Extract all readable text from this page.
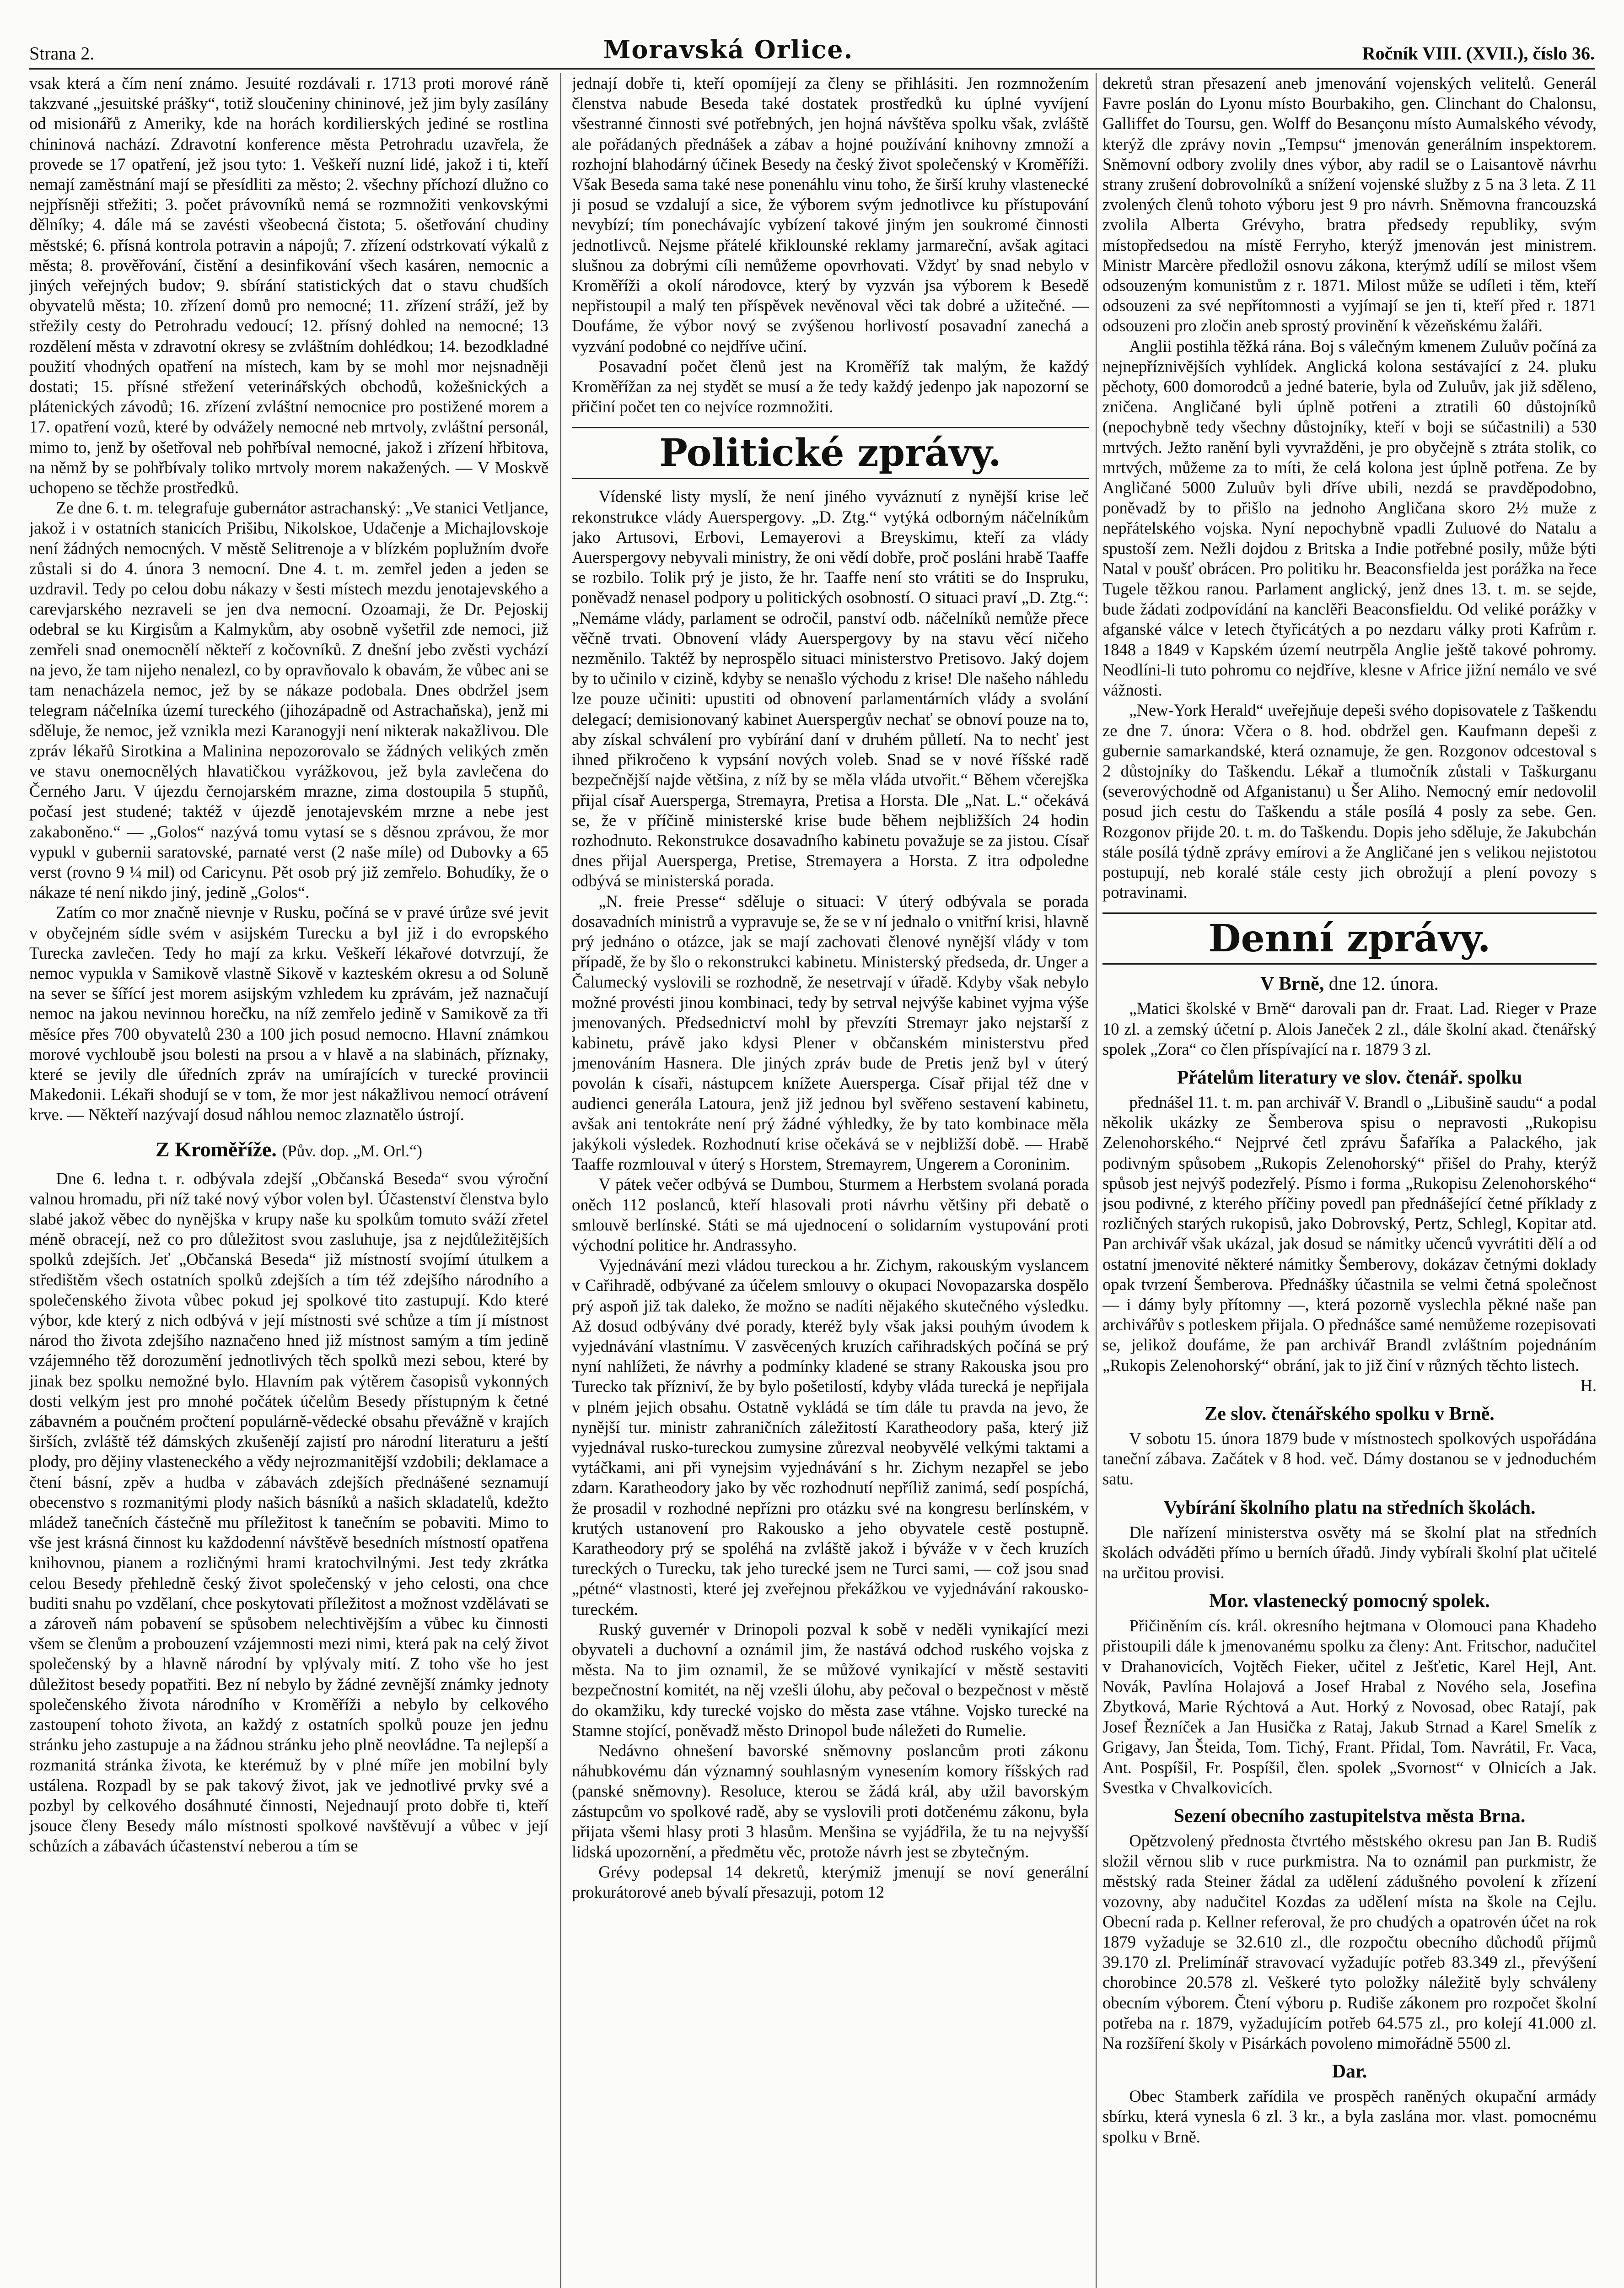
Strana 2.	Moravská Orlice.	Ročník VIII. (XVII.), číslo 36.

vsak která a čím není známo. Jesuité rozdávali r. 1713 proti morové ráně takzvané „jesuitské prášky“, totiž sloučeniny chininové, jež jim byly zasílány od misionářů z Ameriky, kde na horách kordilierských jediné se rostlina chininová nachází. Zdravotní konference města Petrohradu uzavřela, že provede se 17 opatření, jež jsou tyto: 1. Veškeří nuzní lidé, jakož i ti, kteří nemají zaměstnání mají se přesídliti za město; 2. všechny příchozí dlužno co nejpřísněji střežiti; 3. počet právovníků nemá se rozmnožiti venkovskými dělníky; 4. dále má se zavésti všeobecná čistota; 5. ošetřování chudiny městské; 6. přísná kontrola potravin a nápojů; 7. zřízení odstrkovatí výkalů z města; 8. prověřování, čistění a desinfikování všech kasáren, nemocnic a jiných veřejných budov; 9. sbírání statistických dat o stavu chudších obyvatelů města; 10. zřízení domů pro nemocné; 11. zřízení stráží, jež by střežily cesty do Petrohradu vedoucí; 12. přísný dohled na nemocné; 13 rozdělení města v zdravotní okresy se zvláštním dohlédkou; 14. bezodkladné použití vhodných opatření na místech, kam by se mohl mor nejsnadněji dostati; 15. přísné střežení veterinářských obchodů, kožešnických a plátenických závodů; 16. zřízení zvláštní nemocnice pro postižené morem a 17. opatření vozů, které by odvážely nemocné neb mrtvoly, zvláštní personál, mimo to, jenž by ošetřoval neb pohřbíval nemocné, jakož i zřízení hřbitova, na němž by se pohřbívaly toliko mrtvoly morem nakažených. — V Moskvě uchopeno se těchže prostředků.

Ze dne 6. t. m. telegrafuje gubernátor astrachanský: „Ve stanici Vetljance, jakož i v ostatních stanicích Prišibu, Nikolskoe, Udačenje a Michajlovskoje není žádných nemocných. V městě Selitrenoje a v blízkém poplužním dvoře zůstali si do 4. února 3 nemocní. Dne 4. t. m. zemřel jeden a jeden se uzdravil. Tedy po celou dobu nákazy v šesti místech mezdu jenotajevského a carevjarského nezraveli se jen dva nemocní. Ozoamaji, že Dr. Pejoskij odebral se ku Kirgisům a Kalmykům, aby osobně vyšetřil zde nemoci, již zemřeli snad onemocnělí někteří z kočovníků. Z dnešní jebo zvěsti vychází na jevo, že tam nijeho nenalezl, co by opravňovalo k obavám, že vůbec ani se tam nenacházela nemoc, jež by se nákaze podobala. Dnes obdržel jsem telegram náčelníka území tureckého (jihozápadně od Astrachaňska), jenž mi sděluje, že nemoc, jež vznikla mezi Karanogyji není nikterak nakažlivou. Dle zpráv lékařů Sirotkina a Malinina nepozorovalo se žádných velikých změn ve stavu onemocnělých hlavatičkou vyrážkovou, jež byla zavlečena do Černého Jaru. V újezdu černojarském mrazne, zima dostoupila 5 stupňů, počasí jest studené; taktéž v újezdě jenotajevském mrzne a nebe jest zakaboněno.“ — „Golos“ nazývá tomu vytasí se s děsnou zprávou, že mor vypukl v gubernii saratovské, parnaté verst (2 naše míle) od Dubovky a 65 verst (rovno 9 ¼ mil) od Caricynu. Pět osob prý již zemřelo. Bohudíky, že o nákaze té není nikdo jiný, jedině „Golos“.

Zatím co mor značně nievnje v Rusku, počíná se v pravé úrůze své jevit v obyčejném sídle svém v asijském Turecku a byl již i do evropského Turecka zavlečen. Tedy ho mají za krku. Veškeří lékařové dotvrzují, že nemoc vypukla v Samikově vlastně Sikově v kazteském okresu a od Soluně na sever se šířící jest morem asijským vzhledem ku zprávám, jež naznačují nemoc na jakou nevinnou horečku, na níž zemřelo jedině v Samikově za tři měsíce přes 700 obyvatelů 230 a 100 jich posud nemocno. Hlavní známkou morové vychloubě jsou bolesti na prsou a v hlavě a na slabinách, příznaky, které se jevily dle úředních zpráv na umírajících v turecké provincii Makedonii. Lékaři shodují se v tom, že mor jest nákažlivou nemocí otrávení krve. — Někteří nazývají dosud náhlou nemoc zlaznatělo ústrojí.

Z Kroměříže. (Pův. dop. „M. Orl.“)

Dne 6. ledna t. r. odbývala zdejší „Občanská Beseda“ svou výroční valnou hromadu, při níž také nový výbor volen byl. Účastenství členstva bylo slabé jakož věbec do nynějška v krupy naše ku spolkům tomuto sváží zřetel méně obracejí, než co pro důležitost svou zasluhuje, jsa z nejdůležitějších spolků zdejších. Jeť „Občanská Beseda“ již místností svojímí útulkem a středištěm všech ostatních spolků zdejších a tím též zdejšího národního a společenského života vůbec pokud jej spolkové tito zastupují. Kdo které výbor, kde který z nich odbývá v její místnosti své schůze a tím jí místnost národ tho života zdejšího naznačeno hned již místnost samým a tím jedině vzájemného těž dorozumění jednotlivých těch spolků mezi sebou, které by jinak bez spolku nemožné bylo. Hlavním pak výtěrem časopisů vykonných dosti velkým jest pro mnohé počátek účelům Besedy přístupným k četné zábavném a poučném pročtení populárně-vědecké obsahu převážně v krajích širších, zvláště též dámských zkušenějí zajistí pro národní literaturu a ještí plody, pro dějiny vlasteneckého a vědy nejrozmanitější vzdobili; deklamace a čtení básní, zpěv a hudba v zábavách zdejších přednášené seznamují obecenstvo s rozmanitými plody našich básníků a našich skladatelů, kdežto mládež tanečních částečně mu příležitost k tanečním se pobaviti. Mimo to vše jest krásná činnost ku každodenní návštěvě besedních místností opatřena knihovnou, pianem a rozličnými hrami kratochvilnými. Jest tedy zkrátka celou Besedy přehledně český život společenský v jeho celosti, ona chce buditi snahu po vzdělaní, chce poskytovati příležitost a možnost vzdělávati se a zároveň nám pobavení se spůsobem nelechtivějším a vůbec ku činnosti všem se členům a probouzení vzájemnosti mezi nimi, která pak na celý život společenský by a hlavně národní by vplývaly mití. Z toho vše ho jest důležitost besedy popatřiti. Bez ní nebylo by žádné zevnější známky jednoty společenského života národního v Kroměříži a nebylo by celkového zastoupení tohoto života, an každý z ostatních spolků pouze jen jednu stránku jeho zastupuje a na žádnou stránku jeho plně neovládne. Ta nejlepší a rozmanitá stránka života, ke kterémuž by v plné míře jen mobilní byly ustálena. Rozpadl by se pak takový život, jak ve jednotlivé prvky své a pozbyl by celkového dosáhnuté činnosti, Nejednaují proto dobře ti, kteří jsouce členy Besedy málo místnosti spolkové navštěvují a vůbec v její schůzích a zábavách účastenství neberou a tím se

jednají dobře ti, kteří opomíjejí za členy se přihlásiti. Jen rozmnožením členstva nabude Beseda také dostatek prostředků ku úplné vyvíjení všestranné činnosti své potřebných, jen hojná návštěva spolku však, zvláště ale pořádaných přednášek a zábav a hojné používání knihovny zmnoží a rozhojní blahodárný účinek Besedy na český život společenský v Kroměříži. Však Beseda sama také nese ponenáhlu vinu toho, že širší kruhy vlastenecké ji posud se vzdalují a sice, že výborem svým jednotlivce ku přístupování nevybízí; tím ponechávajíc vybízení takové jiným jen soukromé činnosti jednotlivců. Nejsme přátelé křiklounské reklamy jarmareční, avšak agitaci slušnou za dobrými cíli nemůžeme opovrhovati. Vždyť by snad nebylo v Kroměříži a okolí národovce, který by vyzván jsa výborem k Besedě nepřistoupil a malý ten příspěvek nevěnoval věci tak dobré a užitečné. — Doufáme, že výbor nový se zvýšenou horlivostí posavadní zanechá a vyzvání podobné co nejdříve učiní.

Posavadní počet členů jest na Kroměříž tak malým, že každý Kroměřížan za nej stydět se musí a že tedy každý jedenpo jak napozorní se přičiní počet ten co nejvíce rozmnožiti.

Politické zprávy.

Vídenské listy myslí, že není jiného vyváznutí z nynější krise leč rekonstrukce vlády Auerspergovy. „D. Ztg.“ vytýká odborným náčelníkům jako Artusovi, Erbovi, Lemayerovi a Breyskimu, kteří za vlády Auerspergovy nebyvali ministry, že oni vědí dobře, proč posláni hrabě Taaffe se rozbilo. Tolik prý je jisto, že hr. Taaffe není sto vrátiti se do Inspruku, poněvadž nenasel podpory u politických osobností. O situaci praví „D. Ztg.“: „Nemáme vlády, parlament se odročil, panství odb. náčelníků nemůže přece věčně trvati. Obnovení vlády Auerspergovy by na stavu věcí ničeho nezměnilo. Taktéž by neprospělo situaci ministerstvo Pretisovo. Jaký dojem by to učinilo v cizině, kdyby se nenašlo východu z krise! Dle našeho náhledu lze pouze učiniti: upustiti od obnovení parlamentárních vlády a svolání delegací; demisionovaný kabinet Auerspergův nechať se obnoví pouze na to, aby získal schválení pro vybírání daní v druhém půlletí. Na to nechť jest ihned přikročeno k vypsání nových voleb. Snad se v nové říšské radě bezpečnější najde většina, z níž by se měla vláda utvořit.“ Během včerejška přijal císař Auersperga, Stremayra, Pretisa a Horsta. Dle „Nat. L.“ očekává se, že v příčině ministerské krise bude během nejbližších 24 hodin rozhodnuto. Rekonstrukce dosavadního kabinetu považuje se za jistou. Císař dnes přijal Auersperga, Pretise, Stremayera a Horsta. Z itra odpoledne odbývá se ministerská porada.

„N. freie Presse“ sděluje o situaci: V úterý odbývala se porada dosavadních ministrů a vypravuje se, že se v ní jednalo o vnitřní krisi, hlavně prý jednáno o otázce, jak se mají zachovati členové nynější vlády v tom případě, že by šlo o rekonstrukci kabinetu. Ministerský předseda, dr. Unger a Čalumecký vyslovili se rozhodně, že nesetrvají v úřadě. Kdyby však nebylo možné provésti jinou kombinaci, tedy by setrval nejvýše kabinet vyjma výše jmenovaných. Předsednictví mohl by převzíti Stremayr jako nejstarší z kabinetu, právě jako kdysi Plener v občanském ministerstvu před jmenováním Hasnera. Dle jiných zpráv bude de Pretis jenž byl v úterý povolán k císaři, nástupcem knížete Auersperga. Císař přijal též dne v audienci generála Latoura, jenž již jednou byl svěřeno sestavení kabinetu, avšak ani tentokráte není prý žádné výhledky, že by tato kombinace měla jakýkoli výsledek. Rozhodnutí krise očekává se v nejbližší době. — Hrabě Taaffe rozmlouval v úterý s Horstem, Stremayrem, Ungerem a Coroninim.

V pátek večer odbývá se Dumbou, Sturmem a Herbstem svolaná porada oněch 112 poslanců, kteří hlasovali proti návrhu většiny při debatě o smlouvě berlínské. Státi se má ujednocení o solidarním vystupování proti východní politice hr. Andrassyho.

Vyjednávání mezi vládou tureckou a hr. Zichym, rakouským vyslancem v Cařihradě, odbývané za účelem smlouvy o okupaci Novopazarska dospělo prý aspoň již tak daleko, že možno se nadíti nějakého skutečného výsledku. Až dosud odbývány dvé porady, kteréž byly však jaksi pouhým úvodem k vyjednávání vlastnímu. V zasvěcených kruzích cařihradských počíná se prý nyní nahlížeti, že návrhy a podmínky kladené se strany Rakouska jsou pro Turecko tak přízniví, že by bylo pošetilostí, kdyby vláda turecká je nepřijala v plném jejich obsahu. Ostatně vykládá se tím dále tu pravda na jevo, že nynější tur. ministr zahraničních záležitostí Karatheodory paša, který již vyjednával rusko-tureckou zumysine zůrezval neobyvělé velkými taktami a vytáčkami, ani při vynejsim vyjednávání s hr. Zichym nezapřel se jebo zdarn. Karatheodory jako by věc rozhodnutí nepříliž zanimá, sedí pospíchá, že prosadil v rozhodné nepřízni pro otázku své na kongresu berlínském, v krutých ustanovení pro Rakousko a jeho obyvatele cestě postupně. Karatheodory prý se spoléhá na zvláště jakož i býváže v v čech kruzích tureckých o Turecku, tak jeho turecké jsem ne Turci sami, — což jsou snad „pétné“ vlastnosti, které jej zveřejnou překážkou ve vyjednávání rakousko-tureckém.

Ruský guvernér v Drinopoli pozval k sobě v neděli vynikající mezi obyvateli a duchovní a oznámil jim, že nastává odchod ruského vojska z města. Na to jim oznamil, že se můžové vynikající v městě sestaviti bezpečnostní komitét, na něj vzešli úlohu, aby pečoval o bezpečnost v městě do okamžiku, kdy turecké vojsko do města zase vtáhne. Vojsko turecké na Stamne stojící, poněvadž město Drinopol bude náležeti do Rumelie.

Nedávno ohnešení bavorské sněmovny poslancům proti zákonu náhubkovému dán významný souhlasným vynesením komory říšských rad (panské sněmovny). Resoluce, kterou se žádá král, aby užil bavorským zástupcům vo spolkové radě, aby se vyslovili proti dotčenému zákonu, byla přijata všemi hlasy proti 3 hlasům. Menšina se vyjádřila, že tu na nejvyšší lidská upozornění, a předmětu věc, protože návrh jest se zbytečným.

Grévy podepsal 14 dekretů, kterýmiž jmenují se noví generální prokurátorové aneb bývalí přesazuji, potom 12

dekretů stran přesazení aneb jmenování vojenských velitelů. Generál Favre poslán do Lyonu místo Bourbakiho, gen. Clinchant do Chalonsu, Galliffet do Toursu, gen. Wolff do Besançonu místo Aumalského vévody, kterýž dle zprávy novin „Tempsu“ jmenován generálním inspektorem. Sněmovní odbory zvolily dnes výbor, aby radil se o Laisantově návrhu strany zrušení dobrovolníků a snížení vojenské služby z 5 na 3 leta. Z 11 zvolených členů tohoto výboru jest 9 pro návrh. Sněmovna francouzská zvolila Alberta Grévyho, bratra předsedy republiky, svým místopředsedou na místě Ferryho, kterýž jmenován jest ministrem. Ministr Marcère předložil osnovu zákona, kterýmž udílí se milost všem odsouzeným komunistům z r. 1871. Milost může se udíleti i těm, kteří odsouzeni za své nepřítomnosti a vyjímají se jen ti, kteří před r. 1871 odsouzeni pro zločin aneb sprostý provinění k vězeňskému žaláři.

Anglii postihla těžká rána. Boj s válečným kmenem Zuluův počíná za nejnepříznivějších vyhlídek. Anglická kolona sestávající z 24. pluku pěchoty, 600 domorodců a jedné baterie, byla od Zuluův, jak již sděleno, zničena. Angličané byli úplně potřeni a ztratili 60 důstojníků (nepochybně tedy všechny důstojníky, kteří v boji se súčastnili) a 530 mrtvých. Ježto ranění byli vyvražděni, je pro obyčejně s ztráta stolik, co mrtvých, můžeme za to míti, že celá kolona jest úplně potřena. Ze by Angličané 5000 Zuluův byli dříve ubili, nezdá se pravděpodobno, poněvadž by to přišlo na jednoho Angličana skoro 2½ muže z nepřátelského vojska. Nyní nepochybně vpadli Zuluové do Natalu a spustoší zem. Nežli dojdou z Britska a Indie potřebné posily, může býti Natal v poušť obrácen. Pro politiku hr. Beaconsfielda jest porážka na řece Tugele těžkou ranou. Parlament anglický, jenž dnes 13. t. m. se sejde, bude žádati zodpovídání na kanclěři Beaconsfieldu. Od veliké porážky v afganské válce v letech čtyřicátých a po nezdaru války proti Kafrům r. 1848 a 1849 v Kapském území neutrpěla Anglie ještě takové pohromy. Neodlíni-li tuto pohromu co nejdříve, klesne v Africe jižní nemálo ve své vážnosti.

„New-York Herald“ uveřejňuje depeši svého dopisovatele z Taškendu ze dne 7. února: Včera o 8. hod. obdržel gen. Kaufmann depeši z gubernie samarkandské, která oznamuje, že gen. Rozgonov odcestoval s 2 důstojníky do Taškendu. Lékař a tlumočník zůstali v Taškurganu (severovýchodně od Afganistanu) u Šer Aliho. Nemocný emír nedovolil posud jich cestu do Taškendu a stále posílá 4 posly za sebe. Gen. Rozgonov přijde 20. t. m. do Taškendu. Dopis jeho sděluje, že Jakubchán stále posílá týdně zprávy emírovi a že Angličané jen s velikou nejistotou postupují, neb koralé stále cesty jich obrožují a plení povozy s potravinami.

Denní zprávy.
V Brně, dne 12. února.

„Matici školské v Brně“ darovali pan dr. Fraat. Lad. Rieger v Praze 10 zl. a zemský účetní p. Alois Janeček 2 zl., dále školní akad. čtenářský spolek „Zora“ co člen příspívající na r. 1879 3 zl.

Přátelům literatury ve slov. čtenář. spolku

přednášel 11. t. m. pan archivář V. Brandl o „Libušině saudu“ a podal několik ukázky ze Šemberova spisu o nepravosti „Rukopisu Zelenohorského.“ Nejprvé četl zprávu Šafaříka a Palackého, jak podivným spůsobem „Rukopis Zelenohorský“ přišel do Prahy, kterýž spůsob jest nejvýš podezřelý. Písmo i forma „Rukopisu Zelenohorského“ jsou podivné, z kterého příčiny povedl pan přednášející četné příklady z rozličných starých rukopisů, jako Dobrovský, Pertz, Schlegl, Kopitar atd. Pan archivář však ukázal, jak dosud se námitky učenců vyvrátiti dělí a od ostatní jmenovité některé námitky Šemberovy, dokázav četnými doklady opak tvrzení Šemberova. Přednášky účastnila se velmi četná společnost — i dámy byly přítomny —, která pozorně vyslechla pěkné naše pan archivářův s potleskem přijala. O přednášce samé nemůžeme rozepisovati se, jelikož doufáme, že pan archivář Brandl zvláštním pojednáním „Rukopis Zelenohorský“ obrání, jak to již činí v různých těchto listech.

H.

Ze slov. čtenářského spolku v Brně.

V sobotu 15. února 1879 bude v místnostech spolkových uspořádána taneční zábava. Začátek v 8 hod. več. Dámy dostanou se v jednoduchém satu.

Vybírání školního platu na středních školách.

Dle nařízení ministerstva osvěty má se školní plat na středních školách odváděti přímo u berních úřadů. Jindy vybírali školní plat učitelé na určitou provisi.

Mor. vlastenecký pomocný spolek.

Přičiněním cís. král. okresního hejtmana v Olomouci pana Khadeho přistoupili dále k jmenovanému spolku za členy: Ant. Fritschor, nadučitel v Drahanovicích, Vojtěch Fieker, učitel z Ješťetic, Karel Hejl, Ant. Novák, Pavlína Holajová a Josef Hrabal z Nového sela, Josefina Zbytková, Marie Rýchtová a Aut. Horký z Novosad, obec Ratají, pak Josef Řezníček a Jan Husička z Rataj, Jakub Strnad a Karel Smelík z Grigavy, Jan Šteida, Tom. Tichý, Frant. Přidal, Tom. Navrátil, Fr. Vaca, Ant. Pospíšil, Fr. Pospíšil, člen. spolek „Svornost“ v Olnicích a Jak. Svestka v Chvalkovicích.

Sezení obecního zastupitelstva města Brna.

Opětzvolený přednosta čtvrtého městského okresu pan Jan B. Rudiš složil věrnou slib v ruce purkmistra. Na to oznámil pan purkmistr, že městský rada Steiner žádal za udělení zádušného povolení k zřízení vozovny, aby nadučitel Kozdas za udělení místa na škole na Cejlu. Obecní rada p. Kellner referoval, že pro chudých a opatrovén účet na rok 1879 vyžaduje se 32.610 zl., dle rozpočtu obecního důchodů příjmů 39.170 zl. Prelimínář stravovací vyžadujíc potřeb 83.349 zl., převýšení chorobince 20.578 zl. Veškeré tyto položky náležitě byly schváleny obecním výborem. Čtení výboru p. Rudiše zákonem pro rozpočet školní potřeba na r. 1879, vyžadujícím potřeb 64.575 zl., pro kolejí 41.000 zl. Na rozšíření školy v Pisárkách povoleno mimořádně 5500 zl.

Dar.

Obec Stamberk zařídila ve prospěch raněných okupační armády sbírku, která vynesla 6 zl. 3 kr., a byla zaslána mor. vlast. pomocnému spolku v Brně.
